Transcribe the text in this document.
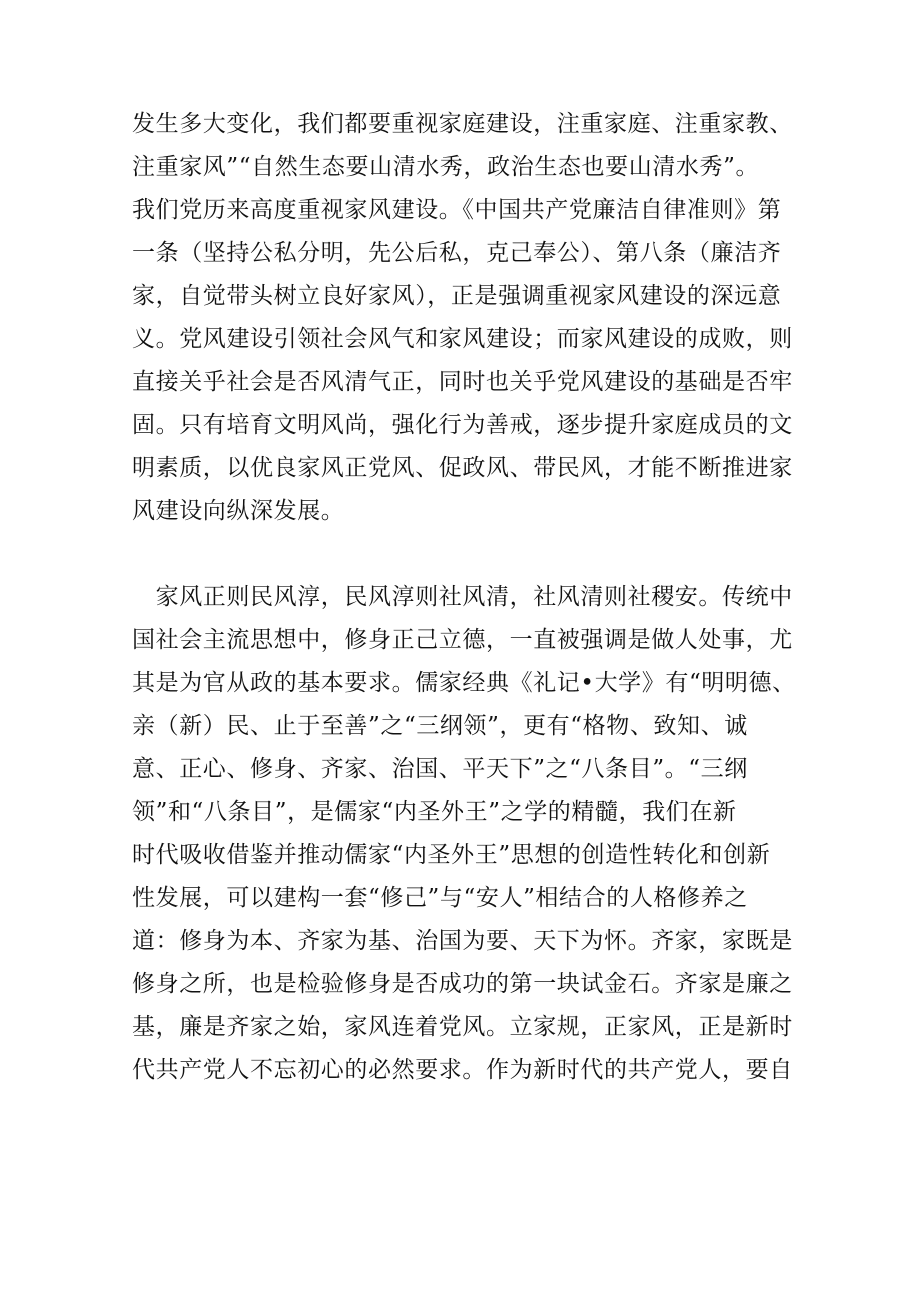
发生多大变化，我们都要重视家庭建设，注重家庭、注重家教、
注重家风”“自然生态要山清水秀，政治生态也要山清水秀”。
我们党历来高度重视家风建设。《中国共产党廉洁自律准则》第
一条（坚持公私分明，先公后私，克己奉公）、第八条（廉洁齐
家，自觉带头树立良好家风），正是强调重视家风建设的深远意
义。党风建设引领社会风气和家风建设；而家风建设的成败，则
直接关乎社会是否风清气正，同时也关乎党风建设的基础是否牢
固。只有培育文明风尚，强化行为善戒，逐步提升家庭成员的文
明素质，以优良家风正党风、促政风、带民风，才能不断推进家
风建设向纵深发展。
　家风正则民风淳，民风淳则社风清，社风清则社稷安。传统中
国社会主流思想中，修身正己立德，一直被强调是做人处事，尤
其是为官从政的基本要求。儒家经典《礼记•大学》有“明明德、
亲（新）民、止于至善”之“三纲领”，更有“格物、致知、诚
意、正心、修身、齐家、治国、平天下”之“八条目”。“三纲
领”和“八条目”，是儒家“内圣外王”之学的精髓，我们在新
时代吸收借鉴并推动儒家“内圣外王”思想的创造性转化和创新
性发展，可以建构一套“修己”与“安人”相结合的人格修养之
道：修身为本、齐家为基、治国为要、天下为怀。齐家，家既是
修身之所，也是检验修身是否成功的第一块试金石。齐家是廉之
基，廉是齐家之始，家风连着党风。立家规，正家风，正是新时
代共产党人不忘初心的必然要求。作为新时代的共产党人，要自
